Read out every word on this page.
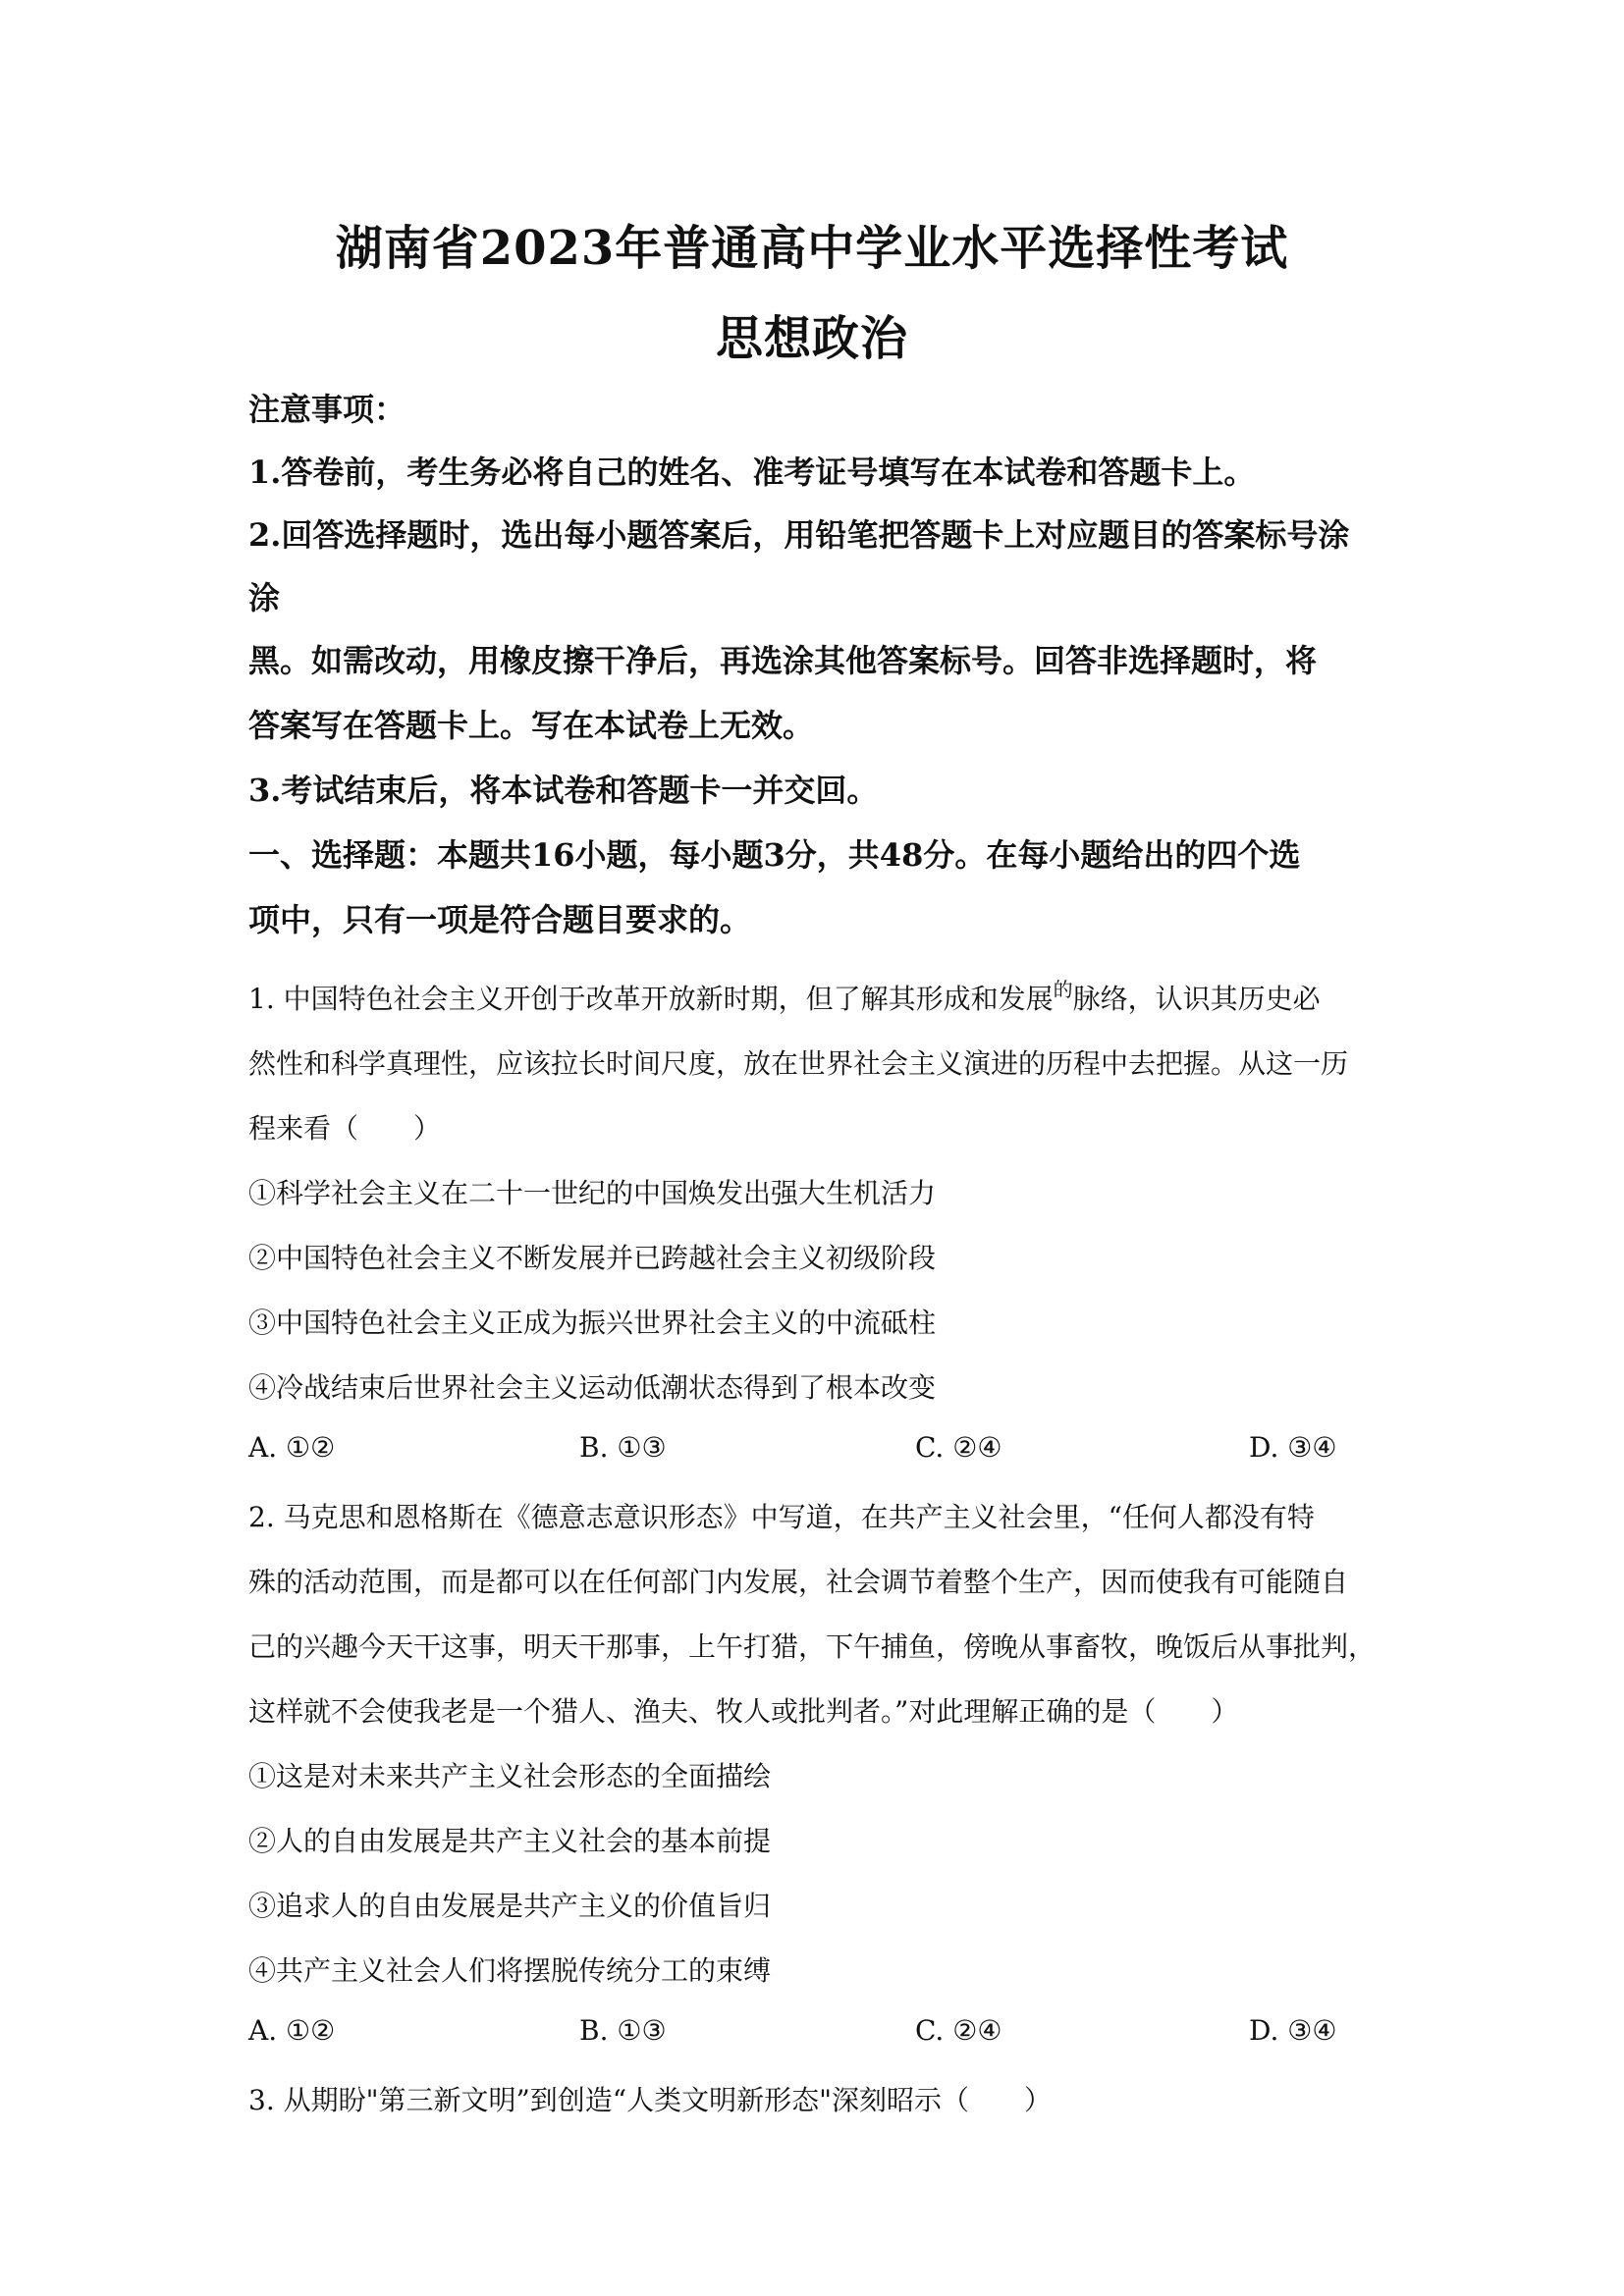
湖南省2023年普通高中学业水平选择性考试
思想政治
注意事项：
1.答卷前，考生务必将自己的姓名、准考证号填写在本试卷和答题卡上。
2.回答选择题时，选出每小题答案后，用铅笔把答题卡上对应题目的答案标号涂
涂
黑。如需改动，用橡皮擦干净后，再选涂其他答案标号。回答非选择题时，将
答案写在答题卡上。写在本试卷上无效。
3.考试结束后，将本试卷和答题卡一并交回。
一、选择题：本题共16小题，每小题3分，共48分。在每小题给出的四个选
项中，只有一项是符合题目要求的。
1. 中国特色社会主义开创于改革开放新时期，但了解其形成和发展$^的$脉络，认识其历史必
然性和科学真理性，应该拉长时间尺度，放在世界社会主义演进的历程中去把握。从这一历
程来看（　　）
①科学社会主义在二十一世纪的中国焕发出强大生机活力
②中国特色社会主义不断发展并已跨越社会主义初级阶段
③中国特色社会主义正成为振兴世界社会主义的中流砥柱
④冷战结束后世界社会主义运动低潮状态得到了根本改变
A. ①②	B. ①③	C. ②④	D. ③④
2. 马克思和恩格斯在《德意志意识形态》中写道，在共产主义社会里，“任何人都没有特
殊的活动范围，而是都可以在任何部门内发展，社会调节着整个生产，因而使我有可能随自
己的兴趣今天干这事，明天干那事，上午打猎，下午捕鱼，傍晚从事畜牧，晚饭后从事批判，
这样就不会使我老是一个猎人、渔夫、牧人或批判者。”对此理解正确的是（　　）
①这是对未来共产主义社会形态的全面描绘
②人的自由发展是共产主义社会的基本前提
③追求人的自由发展是共产主义的价值旨归
④共产主义社会人们将摆脱传统分工的束缚
A. ①②	B. ①③	C. ②④	D. ③④
3. 从期盼"第三新文明”到创造“人类文明新形态"深刻昭示（　　）
